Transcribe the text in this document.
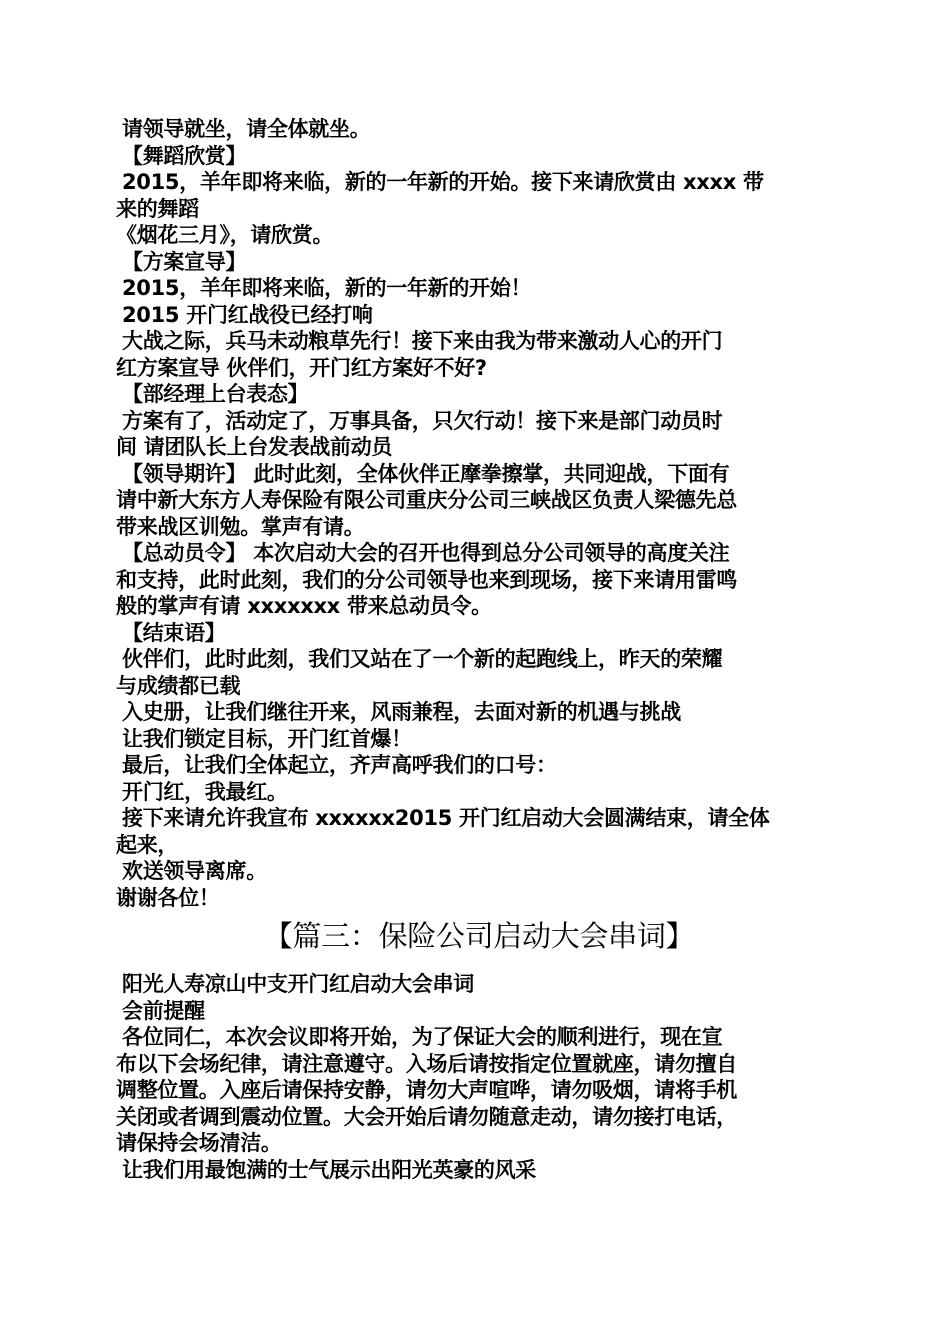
请领导就坐，请全体就坐。
【舞蹈欣赏】
2015，羊年即将来临，新的一年新的开始。接下来请欣赏由 xxxx 带
来的舞蹈
《烟花三月》，请欣赏。
【方案宣导】
2015，羊年即将来临，新的一年新的开始！
2015 开门红战役已经打响
大战之际，兵马未动粮草先行！接下来由我为带来激动人心的开门
红方案宣导 伙伴们，开门红方案好不好?
【部经理上台表态】
方案有了，活动定了，万事具备，只欠行动！接下来是部门动员时
间 请团队长上台发表战前动员
【领导期许】 此时此刻，全体伙伴正摩拳擦掌，共同迎战，下面有
请中新大东方人寿保险有限公司重庆分公司三峡战区负责人梁德先总
带来战区训勉。掌声有请。
【总动员令】 本次启动大会的召开也得到总分公司领导的高度关注
和支持，此时此刻，我们的分公司领导也来到现场，接下来请用雷鸣
般的掌声有请 xxxxxxx 带来总动员令。
【结束语】
伙伴们，此时此刻，我们又站在了一个新的起跑线上，昨天的荣耀
与成绩都已载
入史册，让我们继往开来，风雨兼程，去面对新的机遇与挑战
让我们锁定目标，开门红首爆！
最后，让我们全体起立，齐声高呼我们的口号：
开门红，我最红。
接下来请允许我宣布 xxxxxx2015 开门红启动大会圆满结束，请全体
起来，
欢送领导离席。
谢谢各位！
【篇三：保险公司启动大会串词】
阳光人寿凉山中支开门红启动大会串词
会前提醒
各位同仁，本次会议即将开始，为了保证大会的顺利进行，现在宣
布以下会场纪律，请注意遵守。入场后请按指定位置就座，请勿擅自
调整位置。入座后请保持安静，请勿大声喧哗，请勿吸烟，请将手机
关闭或者调到震动位置。大会开始后请勿随意走动，请勿接打电话，
请保持会场清洁。
让我们用最饱满的士气展示出阳光英豪的风采
